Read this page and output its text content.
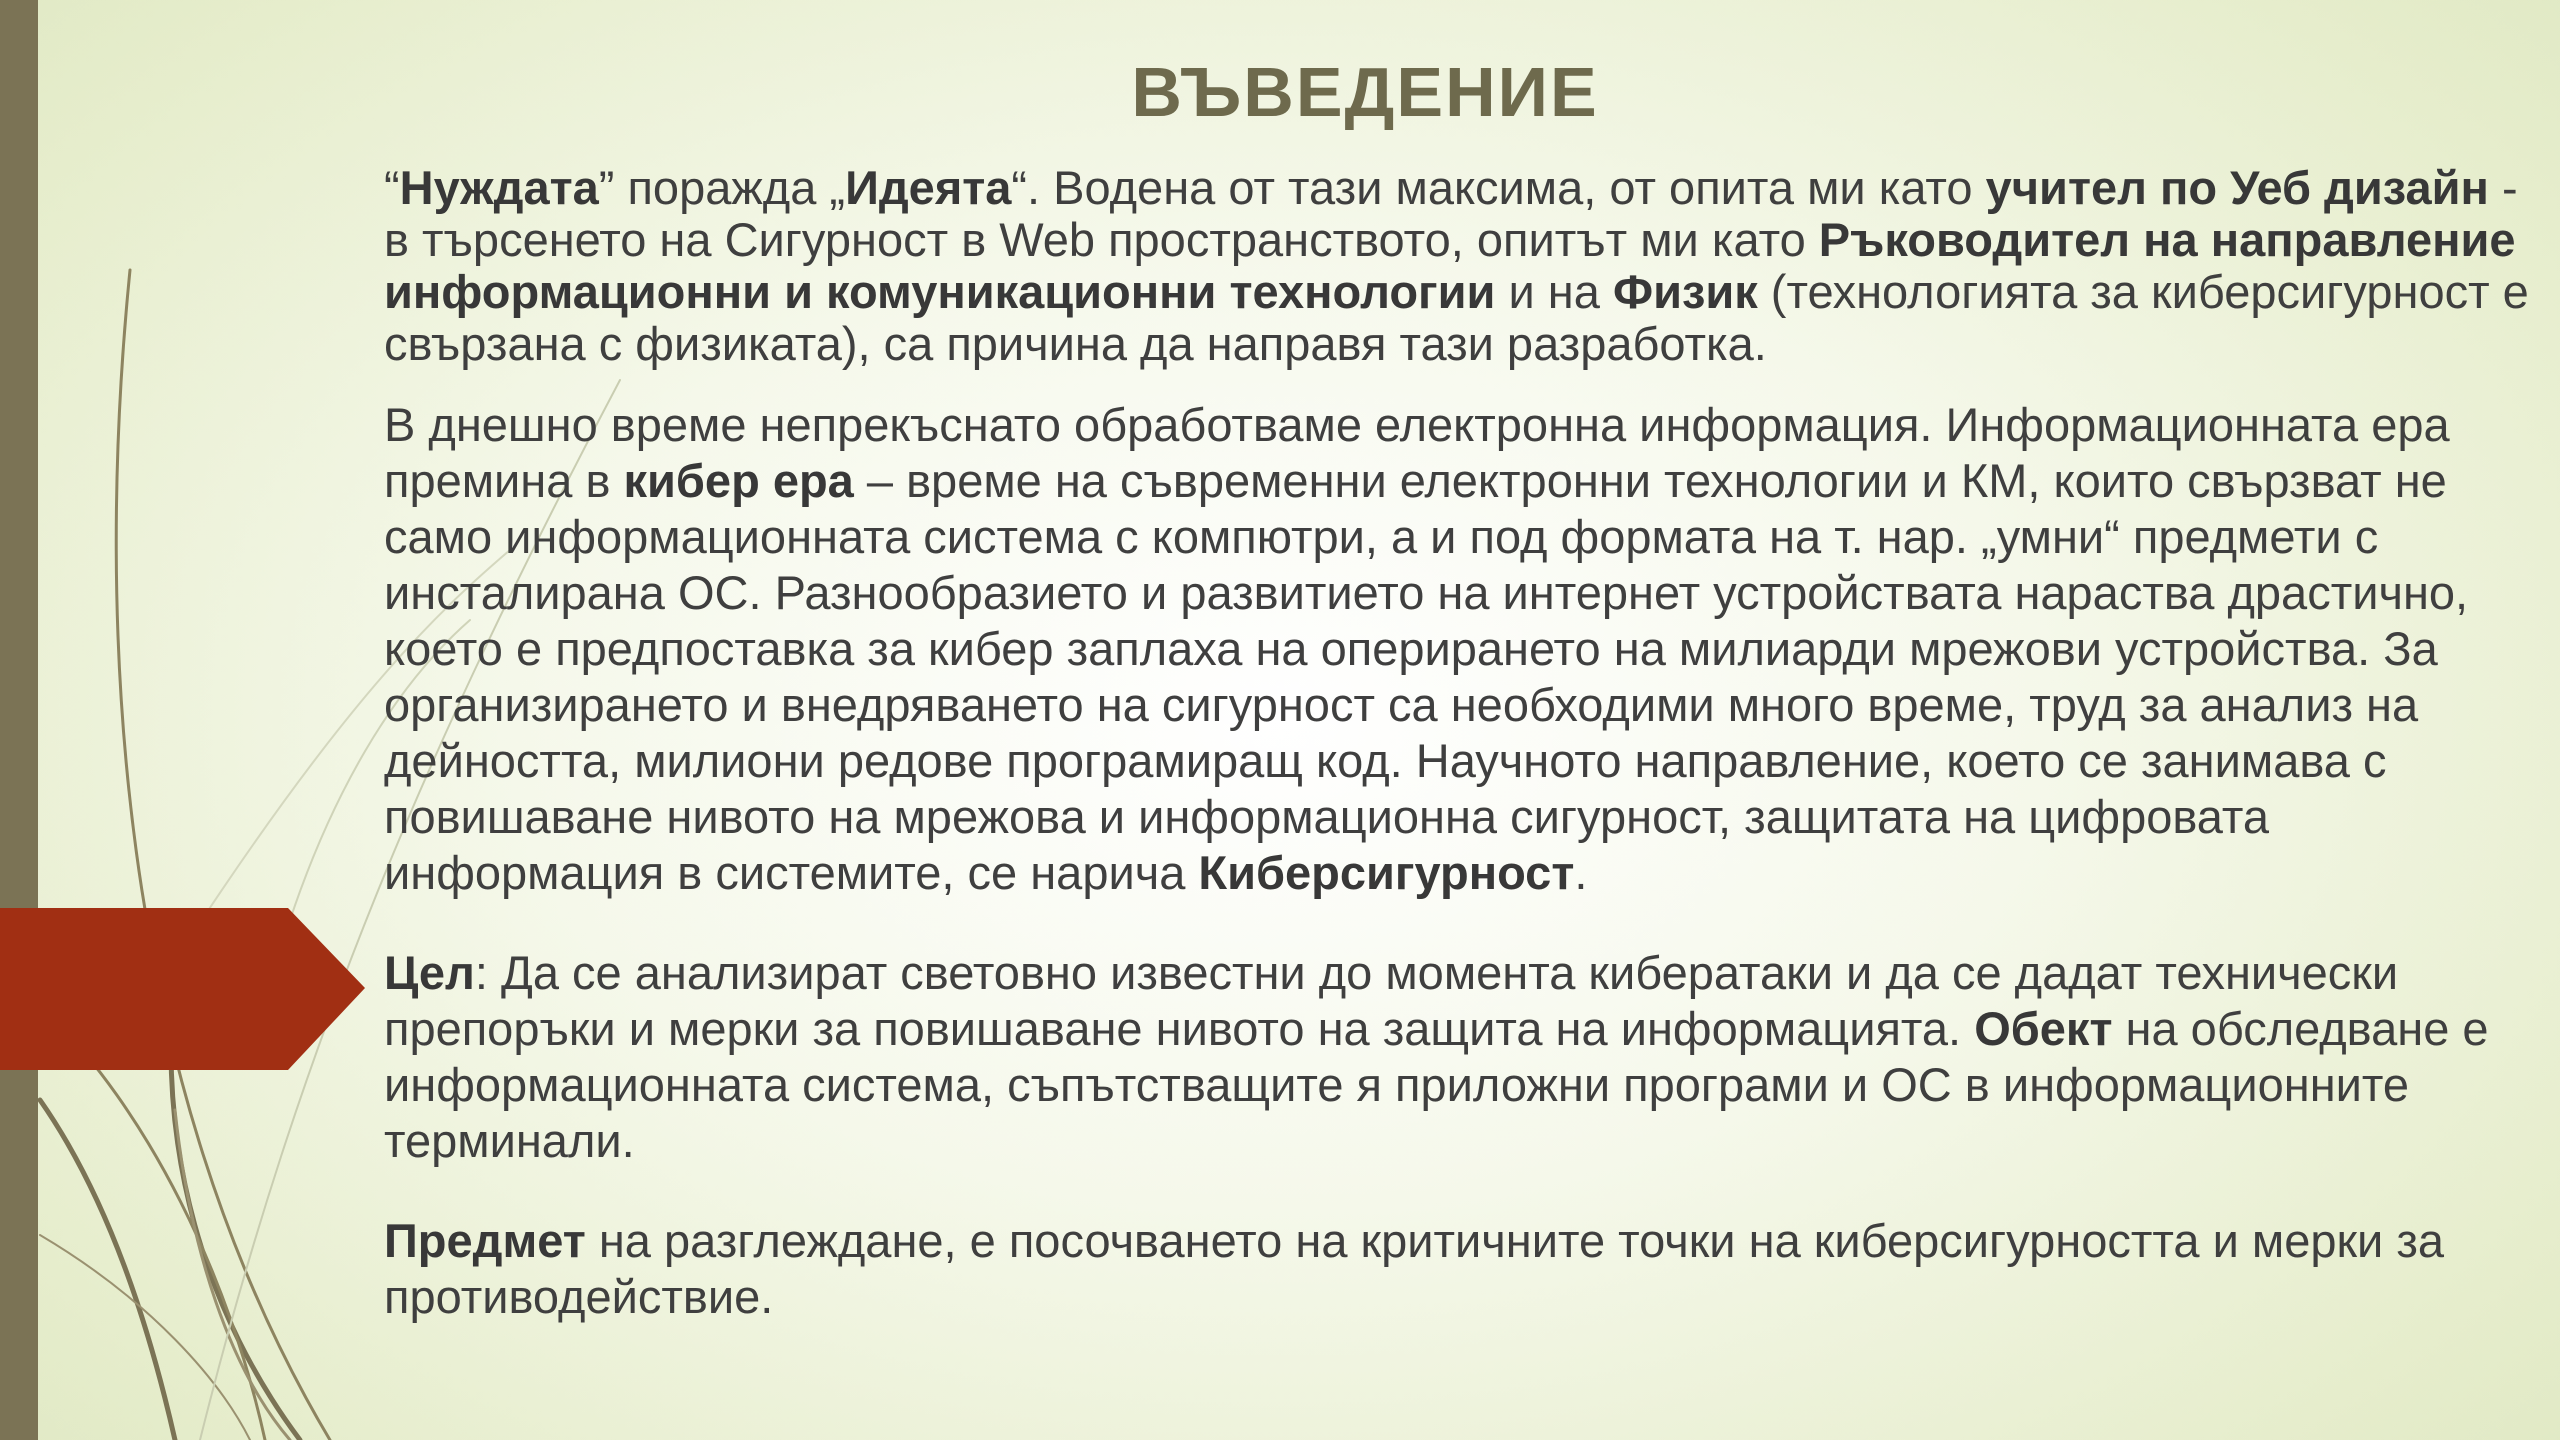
ВЪВЕДЕНИЕ

“Нуждата” поражда „Идеята“. Водена от тази максима, от опита ми като учител по Уеб дизайн - в търсенето на Сигурност в Web пространството, опитът ми като Ръководител на направление информационни и комуникационни технологии и на Физик (технологията за киберсигурност е свързана с физиката), са причина да направя тази разработка.

В днешно време непрекъснато обработваме електронна информация. Информационната ера премина в кибер ера – време на съвременни електронни технологии и КМ, които свързват не само информационната система с компютри, а и под формата на т. нар. „умни“ предмети с инсталирана ОС. Разнообразието и развитието на интернет устройствата нараства драстично, което е предпоставка за кибер заплаха на оперирането на милиарди мрежови устройства. За организирането и внедряването на сигурност са необходими много време, труд за анализ на дейността, милиони редове програмиращ код. Научното направление, което се занимава с повишаване нивото на мрежова и информационна сигурност, защитата на цифровата информация в системите, се нарича Киберсигурност.

Цел: Да се анализират световно известни до момента кибератаки и да се дадат технически препоръки и мерки за повишаване нивото на защита на информацията. Обект на обследване е информационната система, съпътстващите я приложни програми и ОС в информационните терминали.

Предмет на разглеждане, е посочването на критичните точки на киберсигурността и мерки за противодействие.
